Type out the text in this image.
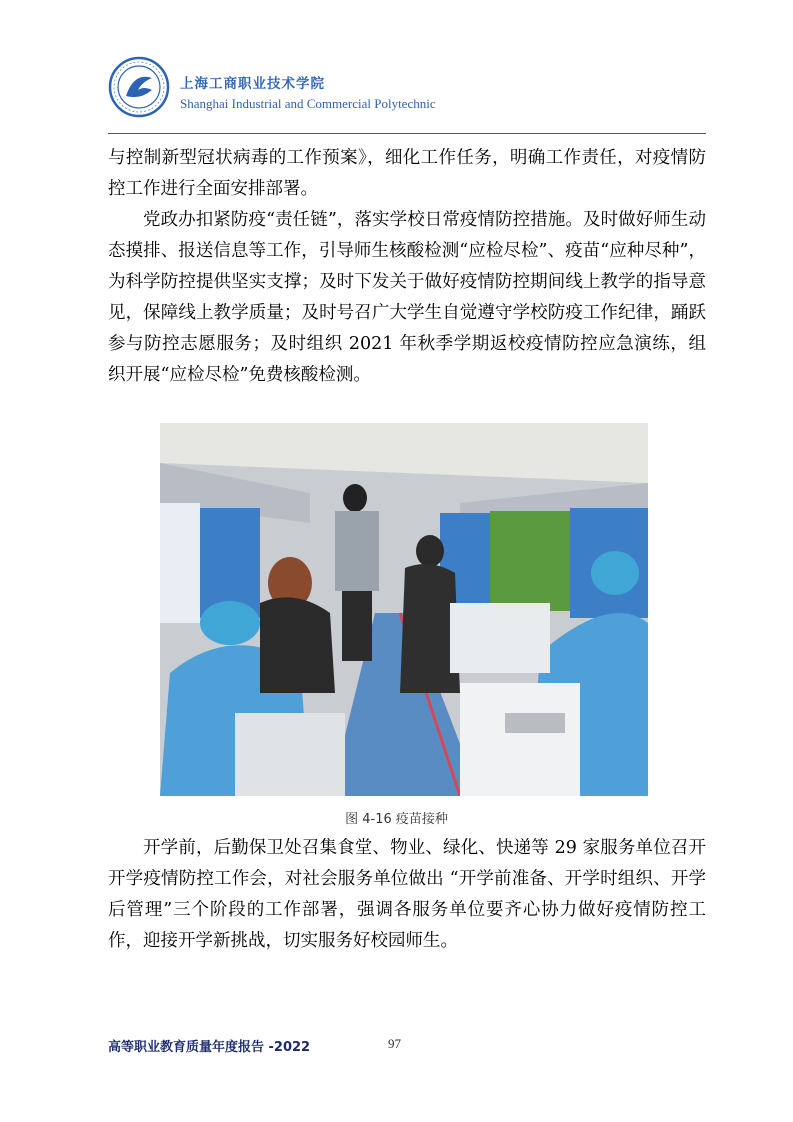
上海工商职业技术学院
Shanghai Industrial and Commercial Polytechnic

与控制新型冠状病毒的工作预案》，细化工作任务，明确工作责任，对疫情防控工作进行全面安排部署。

党政办扣紧防疫“责任链”，落实学校日常疫情防控措施。及时做好师生动态摸排、报送信息等工作，引导师生核酸检测“应检尽检”、疫苗“应种尽种”，为科学防控提供坚实支撑；及时下发关于做好疫情防控期间线上教学的指导意见，保障线上教学质量；及时号召广大学生自觉遵守学校防疫工作纪律，踊跃参与防控志愿服务；及时组织 2021 年秋季学期返校疫情防控应急演练，组织开展“应检尽检”免费核酸检测。

图 4-16 疫苗接种

开学前，后勤保卫处召集食堂、物业、绿化、快递等 29 家服务单位召开开学疫情防控工作会，对社会服务单位做出 “开学前准备、开学时组织、开学后管理”三个阶段的工作部署，强调各服务单位要齐心协力做好疫情防控工作，迎接开学新挑战，切实服务好校园师生。

高等职业教育质量年度报告 -2022	97
